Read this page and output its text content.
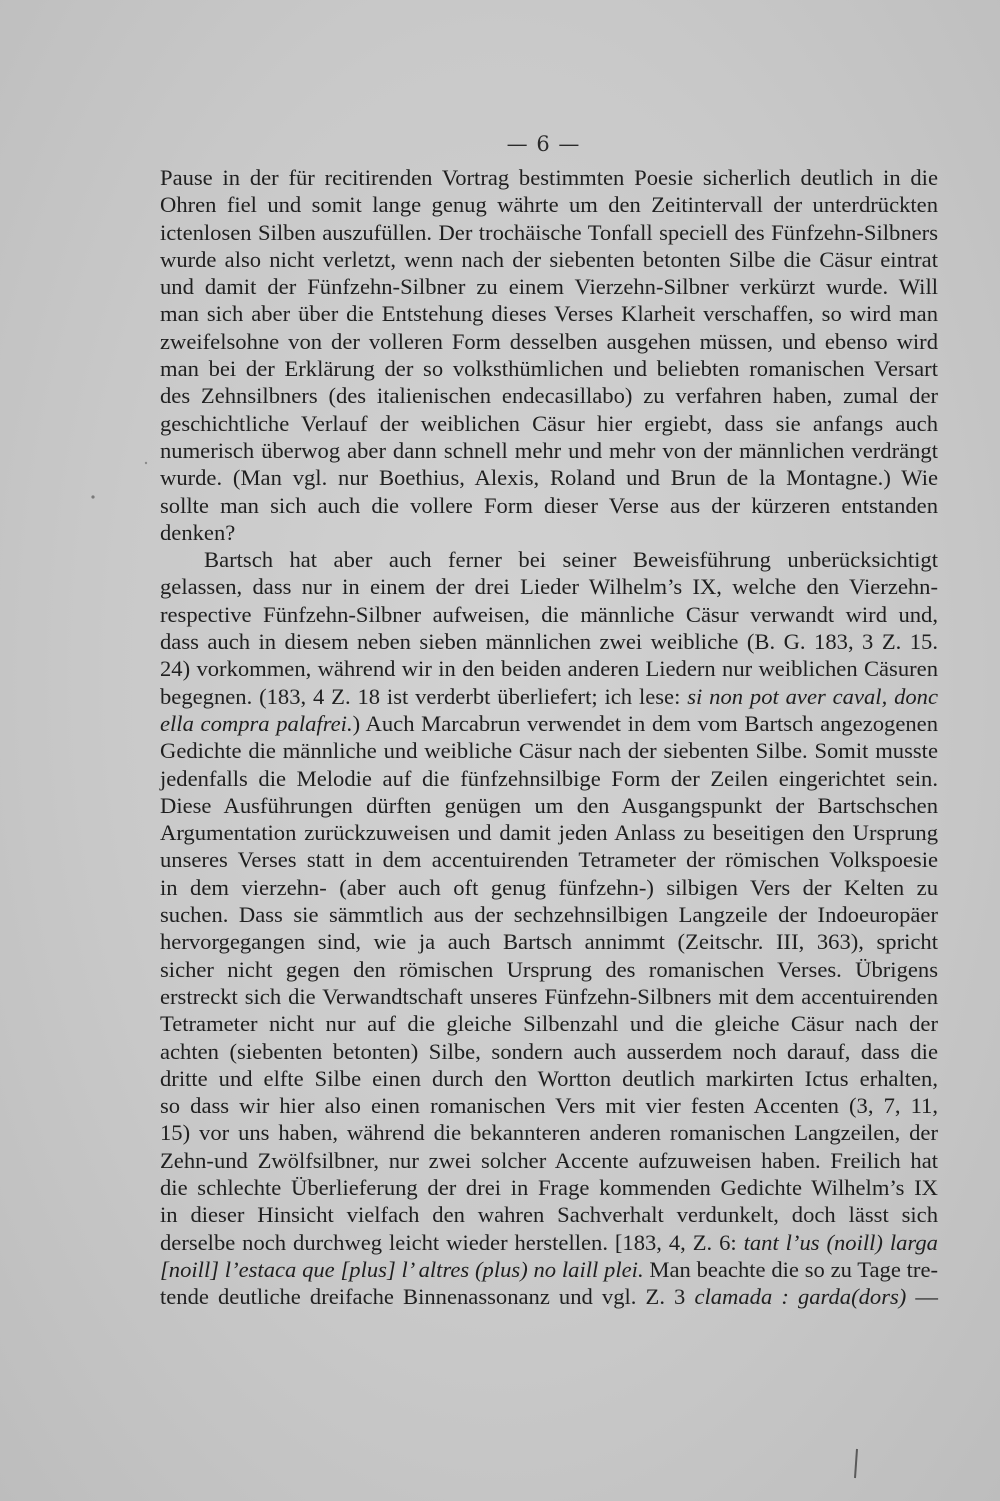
— 6 —

Pause in der für recitirenden Vortrag bestimmten Poesie sicherlich deutlich in die
Ohren fiel und somit lange genug währte um den Zeitintervall der unterdrückten
ictenlosen Silben auszufüllen. Der trochäische Tonfall speciell des Fünfzehn-Silbners
wurde also nicht verletzt, wenn nach der siebenten betonten Silbe die Cäsur eintrat
und damit der Fünfzehn-Silbner zu einem Vierzehn-Silbner verkürzt wurde. Will
man sich aber über die Entstehung dieses Verses Klarheit verschaffen, so wird man
zweifelsohne von der volleren Form desselben ausgehen müssen, und ebenso wird
man bei der Erklärung der so volksthümlichen und beliebten romanischen Versart
des Zehnsilbners (des italienischen endecasillabo) zu verfahren haben, zumal der
geschichtliche Verlauf der weiblichen Cäsur hier ergiebt, dass sie anfangs auch
numerisch überwog aber dann schnell mehr und mehr von der männlichen verdrängt
wurde. (Man vgl. nur Boethius, Alexis, Roland und Brun de la Montagne.) Wie
sollte man sich auch die vollere Form dieser Verse aus der kürzeren entstanden
denken?

Bartsch hat aber auch ferner bei seiner Beweisführung unberücksichtigt
gelassen, dass nur in einem der drei Lieder Wilhelm’s IX, welche den Vierzehn-
respective Fünfzehn-Silbner aufweisen, die männliche Cäsur verwandt wird und,
dass auch in diesem neben sieben männlichen zwei weibliche (B. G. 183, 3 Z. 15.
24) vorkommen, während wir in den beiden anderen Liedern nur weiblichen Cäsuren
begegnen. (183, 4 Z. 18 ist verderbt überliefert; ich lese: si non pot aver caval, donc
ella compra palafrei.) Auch Marcabrun verwendet in dem vom Bartsch angezogenen
Gedichte die männliche und weibliche Cäsur nach der siebenten Silbe. Somit musste
jedenfalls die Melodie auf die fünfzehnsilbige Form der Zeilen eingerichtet sein.
Diese Ausführungen dürften genügen um den Ausgangspunkt der Bartschschen
Argumentation zurückzuweisen und damit jeden Anlass zu beseitigen den Ursprung
unseres Verses statt in dem accentuirenden Tetrameter der römischen Volkspoesie
in dem vierzehn- (aber auch oft genug fünfzehn-) silbigen Vers der Kelten zu
suchen. Dass sie sämmtlich aus der sechzehnsilbigen Langzeile der Indoeuropäer
hervorgegangen sind, wie ja auch Bartsch annimmt (Zeitschr. III, 363), spricht
sicher nicht gegen den römischen Ursprung des romanischen Verses. Übrigens
erstreckt sich die Verwandtschaft unseres Fünfzehn-Silbners mit dem accentuirenden
Tetrameter nicht nur auf die gleiche Silbenzahl und die gleiche Cäsur nach der
achten (siebenten betonten) Silbe, sondern auch ausserdem noch darauf, dass die
dritte und elfte Silbe einen durch den Wortton deutlich markirten Ictus erhalten,
so dass wir hier also einen romanischen Vers mit vier festen Accenten (3, 7, 11,
15) vor uns haben, während die bekannteren anderen romanischen Langzeilen, der
Zehn-und Zwölfsilbner, nur zwei solcher Accente aufzuweisen haben. Freilich hat
die schlechte Überlieferung der drei in Frage kommenden Gedichte Wilhelm’s IX
in dieser Hinsicht vielfach den wahren Sachverhalt verdunkelt, doch lässt sich
derselbe noch durchweg leicht wieder herstellen. [183, 4, Z. 6: tant l’us (noill) larga
[noill] l’estaca que [plus] l’ altres (plus) no laill plei. Man beachte die so zu Tage tre-
tende deutliche dreifache Binnenassonanz und vgl. Z. 3 clamada : garda(dors) —
